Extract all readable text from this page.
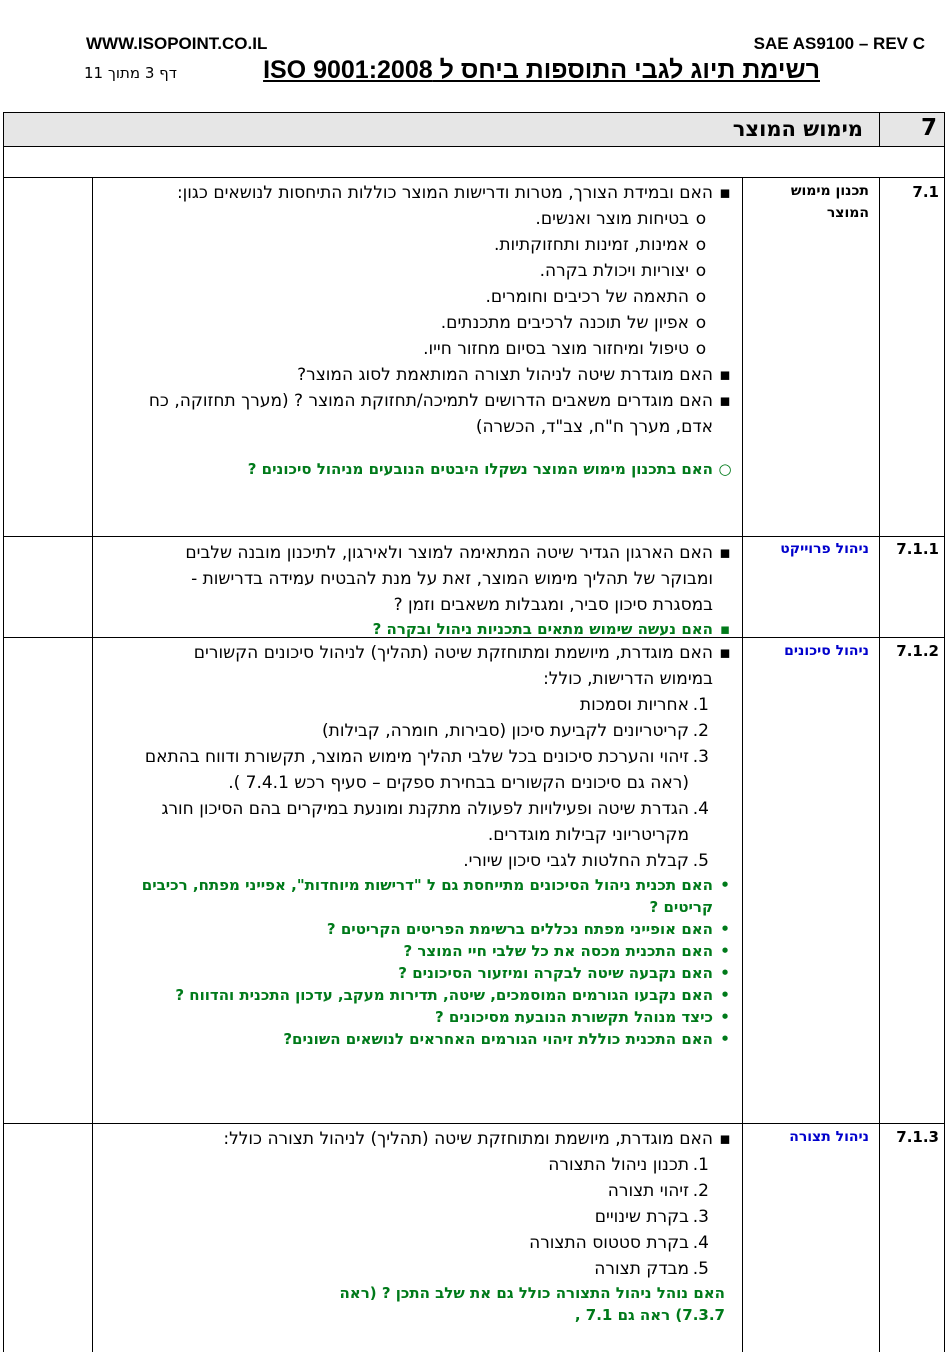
WWW.ISOPOINT.CO.IL	SAE AS9100 – REV C
דף 3 מתוך 11	רשימת תיוג לגבי התוספות ביחס ל ISO 9001:2008
7
מימוש המוצר
7.1
תכנון מימוש המוצר
▪
האם ובמידת הצורך, מטרות ודרישות המוצר כוללות התיחסות לנושאים כגון:
o
בטיחות מוצר ואנשים.
o
אמינות, זמינות ותחזוקתיות.
o
יצוריות ויכולת בקרה.
o
התאמה של רכיבים וחומרים.
o
אפיון של תוכנה לרכיבים מתכנתים.
o
טיפול ומיחזור מוצר בסיום מחזור חייו.
▪
האם מוגדרת שיטה לניהול תצורה המותאמת לסוג המוצר?
▪
האם מוגדרים משאבים הדרושים לתמיכה/תחזוקת המוצר ? (מערך תחזוקה, כח אדם, מערך ח"ח, צב"ד, הכשרה)
○
האם בתכנון מימוש המוצר נשקלו היבטים הנובעים מניהול סיכונים ?
7.1.1
ניהול פרוייקט
▪
האם הארגון הגדיר שיטה המתאימה למוצר ולאירגון, לתיכנון מובנה שלבים ומבוקר של תהליך מימוש המוצר, זאת על מנת להבטיח עמידה בדרישות - במסגרת סיכון סביר, ומגבלות משאבים וזמן ?
▪
האם נעשה שימוש מתאים בתכניות ניהול ובקרה ?
7.1.2
ניהול סיכונים
▪
האם מוגדרת, מיושמת ומתוחזקת שיטה (תהליך) לניהול סיכונים הקשורים במימוש הדרישות, כולל:
1.
אחריות וסמכות
2.
קריטריונים לקביעת סיכון (סבירות, חומרה, קבילות)
3.
זיהוי והערכת סיכונים בכל שלבי תהליך מימוש המוצר, תקשורת ודווח בהתאם (ראה גם סיכונים הקשורים בבחירת ספקים – סעיף רכש 7.4.1 ).
4.
הגדרת שיטה ופעילויות לפעולה מתקנת ומונעת במיקרים בהם הסיכון חורג מקריטריוני קבילות מוגדרים.
5.
קבלת החלטות לגבי סיכון שיורי.
•
האם תכנית ניהול הסיכונים מתייחסת גם ל "דרישות מיוחדות", אפייני מפתח, רכיבים קריטים ?
•
האם אופייני מפתח נכללים ברשימת הפריטים הקריטים ?
•
האם התכנית מכסה את כל שלבי חיי המוצר ?
•
האם נקבעה שיטה לבקרה ומיזעור הסיכונים ?
•
האם נקבעו הגורמים המוסמכים, שיטה, תדירות מעקב, עדכון התכנית והדווח ?
•
כיצד מנוהל תקשורת הנובעת מסיכונים ?
•
האם התכנית כוללת זיהוי הגורמים האחראים לנושאים השונים?
7.1.3
ניהול תצורה
▪
האם מוגדרת, מיושמת ומתוחזקת שיטה (תהליך) לניהול תצורה כולל:
1.
תכנון ניהול התצורה
2.
זיהוי תצורה
3.
בקרת שינויים
4.
בקרת סטטוס התצורה
5.
מבדק תצורה
האם נוהל ניהול התצורה כולל גם את שלב התכן ? (ראה 7.3.7) ראה גם 7.1 ,
